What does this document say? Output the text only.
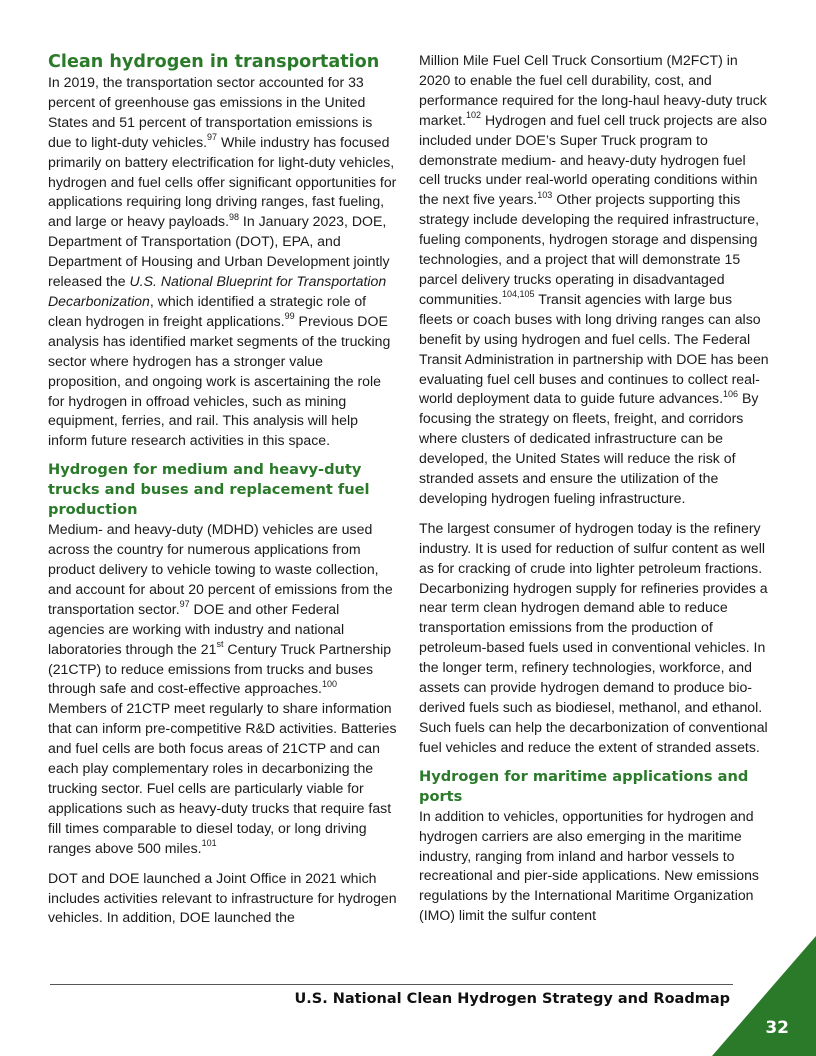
Clean hydrogen in transportation

In 2019, the transportation sector accounted for 33 percent of greenhouse gas emissions in the United States and 51 percent of transportation emissions is due to light-duty vehicles.$^{97}$ While industry has focused primarily on battery electrification for light-duty vehicles, hydrogen and fuel cells offer significant opportunities for applications requiring long driving ranges, fast fueling, and large or heavy payloads.$^{98}$ In January 2023, DOE, Department of Transportation (DOT), EPA, and Department of Housing and Urban Development jointly released the U.S. National Blueprint for Transportation Decarbonization, which identified a strategic role of clean hydrogen in freight applications.$^{99}$ Previous DOE analysis has identified market segments of the trucking sector where hydrogen has a stronger value proposition, and ongoing work is ascertaining the role for hydrogen in offroad vehicles, such as mining equipment, ferries, and rail. This analysis will help inform future research activities in this space.

Hydrogen for medium and heavy-duty trucks and buses and replacement fuel production

Medium- and heavy-duty (MDHD) vehicles are used across the country for numerous applications from product delivery to vehicle towing to waste collection, and account for about 20 percent of emissions from the transportation sector.$^{97}$ DOE and other Federal agencies are working with industry and national laboratories through the 21st Century Truck Partnership (21CTP) to reduce emissions from trucks and buses through safe and cost-effective approaches.$^{100}$ Members of 21CTP meet regularly to share information that can inform pre-competitive R&D activities. Batteries and fuel cells are both focus areas of 21CTP and can each play complementary roles in decarbonizing the trucking sector. Fuel cells are particularly viable for applications such as heavy-duty trucks that require fast fill times comparable to diesel today, or long driving ranges above 500 miles.$^{101}$

DOT and DOE launched a Joint Office in 2021 which includes activities relevant to infrastructure for hydrogen vehicles. In addition, DOE launched the

Million Mile Fuel Cell Truck Consortium (M2FCT) in 2020 to enable the fuel cell durability, cost, and performance required for the long-haul heavy-duty truck market.$^{102}$ Hydrogen and fuel cell truck projects are also included under DOE’s Super Truck program to demonstrate medium- and heavy-duty hydrogen fuel cell trucks under real-world operating conditions within the next five years.$^{103}$ Other projects supporting this strategy include developing the required infrastructure, fueling components, hydrogen storage and dispensing technologies, and a project that will demonstrate 15 parcel delivery trucks operating in disadvantaged communities.$^{104,105}$ Transit agencies with large bus fleets or coach buses with long driving ranges can also benefit by using hydrogen and fuel cells. The Federal Transit Administration in partnership with DOE has been evaluating fuel cell buses and continues to collect real-world deployment data to guide future advances.$^{106}$ By focusing the strategy on fleets, freight, and corridors where clusters of dedicated infrastructure can be developed, the United States will reduce the risk of stranded assets and ensure the utilization of the developing hydrogen fueling infrastructure.

The largest consumer of hydrogen today is the refinery industry. It is used for reduction of sulfur content as well as for cracking of crude into lighter petroleum fractions. Decarbonizing hydrogen supply for refineries provides a near term clean hydrogen demand able to reduce transportation emissions from the production of petroleum-based fuels used in conventional vehicles. In the longer term, refinery technologies, workforce, and assets can provide hydrogen demand to produce bio-derived fuels such as biodiesel, methanol, and ethanol. Such fuels can help the decarbonization of conventional fuel vehicles and reduce the extent of stranded assets.

Hydrogen for maritime applications and ports

In addition to vehicles, opportunities for hydrogen and hydrogen carriers are also emerging in the maritime industry, ranging from inland and harbor vessels to recreational and pier-side applications. New emissions regulations by the International Maritime Organization (IMO) limit the sulfur content

U.S. National Clean Hydrogen Strategy and Roadmap
32
